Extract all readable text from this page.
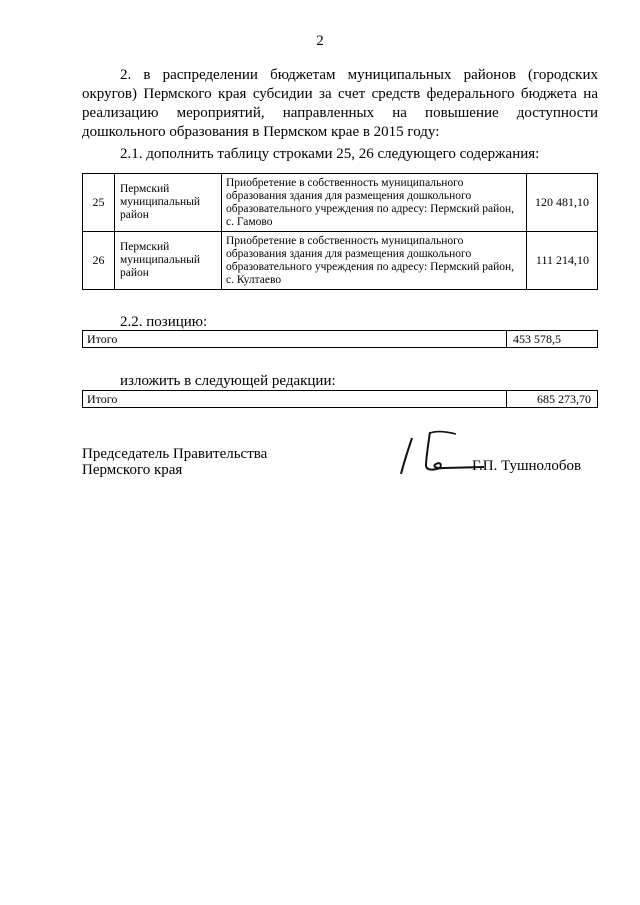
2
2. в распределении бюджетам муниципальных районов (городских округов) Пермского края субсидии за счет средств федерального бюджета на реализацию мероприятий, направленных на повышение доступности дошкольного образования в Пермском крае в 2015 году:
2.1. дополнить таблицу строками 25, 26 следующего содержания:
25	Пермский муниципальный район	Приобретение в собственность муниципального образования здания для размещения дошкольного образовательного учреждения по адресу: Пермский район, с. Гамово	120 481,10
26	Пермский муниципальный район	Приобретение в собственность муниципального образования здания для размещения дошкольного образовательного учреждения по адресу: Пермский район, с. Култаево	111 214,10
2.2. позицию:
Итого	453 578,5
изложить в следующей редакции:
Итого	685 273,70
Председатель Правительства
Пермского края	Г.П. Тушнолобов
